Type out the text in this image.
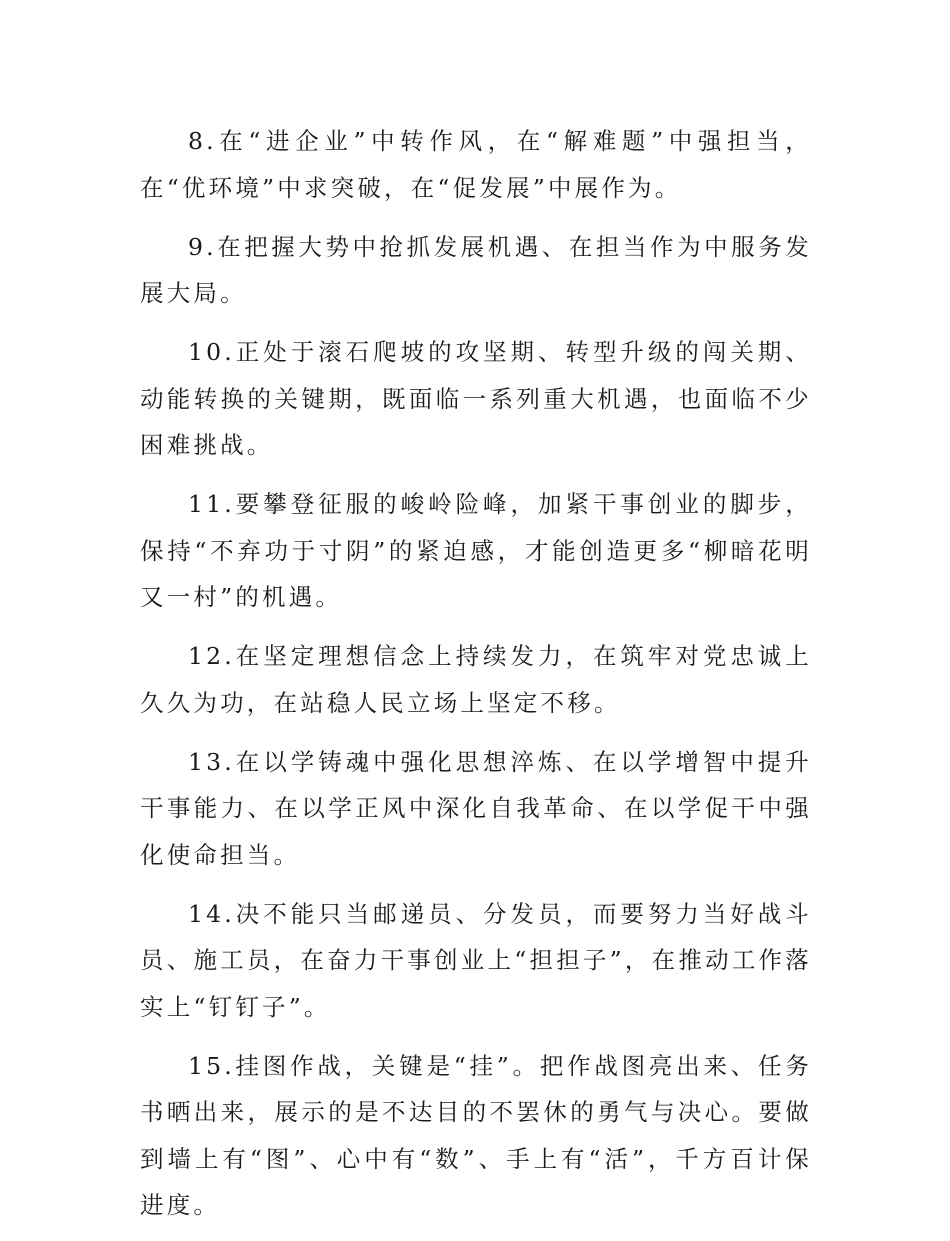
8.在“进企业”中转作风，在“解难题”中强担当，在“优环境”中求突破，在“促发展”中展作为。

9.在把握大势中抢抓发展机遇、在担当作为中服务发展大局。

10.正处于滚石爬坡的攻坚期、转型升级的闯关期、动能转换的关键期，既面临一系列重大机遇，也面临不少困难挑战。

11.要攀登征服的峻岭险峰，加紧干事创业的脚步，保持“不弃功于寸阴”的紧迫感，才能创造更多“柳暗花明又一村”的机遇。

12.在坚定理想信念上持续发力，在筑牢对党忠诚上久久为功，在站稳人民立场上坚定不移。

13.在以学铸魂中强化思想淬炼、在以学增智中提升干事能力、在以学正风中深化自我革命、在以学促干中强化使命担当。

14.决不能只当邮递员、分发员，而要努力当好战斗员、施工员，在奋力干事创业上“担担子”，在推动工作落实上“钉钉子”。

15.挂图作战，关键是“挂”。把作战图亮出来、任务书晒出来，展示的是不达目的不罢休的勇气与决心。要做到墙上有“图”、心中有“数”、手上有“活”，千方百计保进度。
